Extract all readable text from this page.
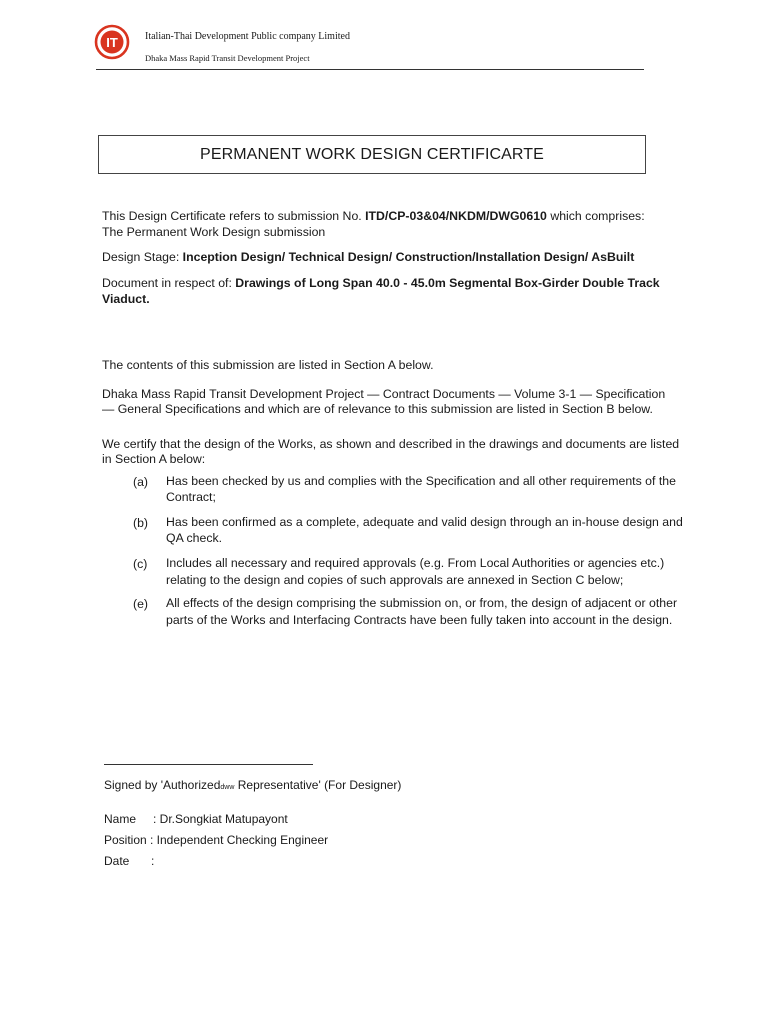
IT	Italian-Thai Development Public company Limited
Dhaka Mass Rapid Transit Development Project
PERMANENT WORK DESIGN CERTIFICARTE
This Design Certificate refers to submission No. ITD/CP-03&04/NKDM/DWG0610 which comprises:
The Permanent Work Design submission
Design Stage: Inception Design/ Technical Design/ Construction/Installation Design/ AsBuilt
Document in respect of: Drawings of Long Span 40.0 - 45.0m Segmental Box-Girder Double Track
Viaduct.
The contents of this submission are listed in Section A below.
Dhaka Mass Rapid Transit Development Project — Contract Documents — Volume 3-1 — Specification
— General Specifications and which are of relevance to this submission are listed in Section B below.
We certify that the design of the Works, as shown and described in the drawings and documents are listed
in Section A below:
(a) Has been checked by us and complies with the Specification and all other requirements of the
Contract;
(b) Has been confirmed as a complete, adequate and valid design through an in-house design and
QA check.
(c) Includes all necessary and required approvals (e.g. From Local Authorities or agencies etc.)
relating to the design and copies of such approvals are annexed in Section C below;
(e) All effects of the design comprising the submission on, or from, the design of adjacent or other
parts of the Works and Interfacing Contracts have been fully taken into account in the design.
Signed by 'Authorizeddww Representative' (For Designer)
Name : Dr.Songkiat Matupayont
Position : Independent Checking Engineer
Date :
